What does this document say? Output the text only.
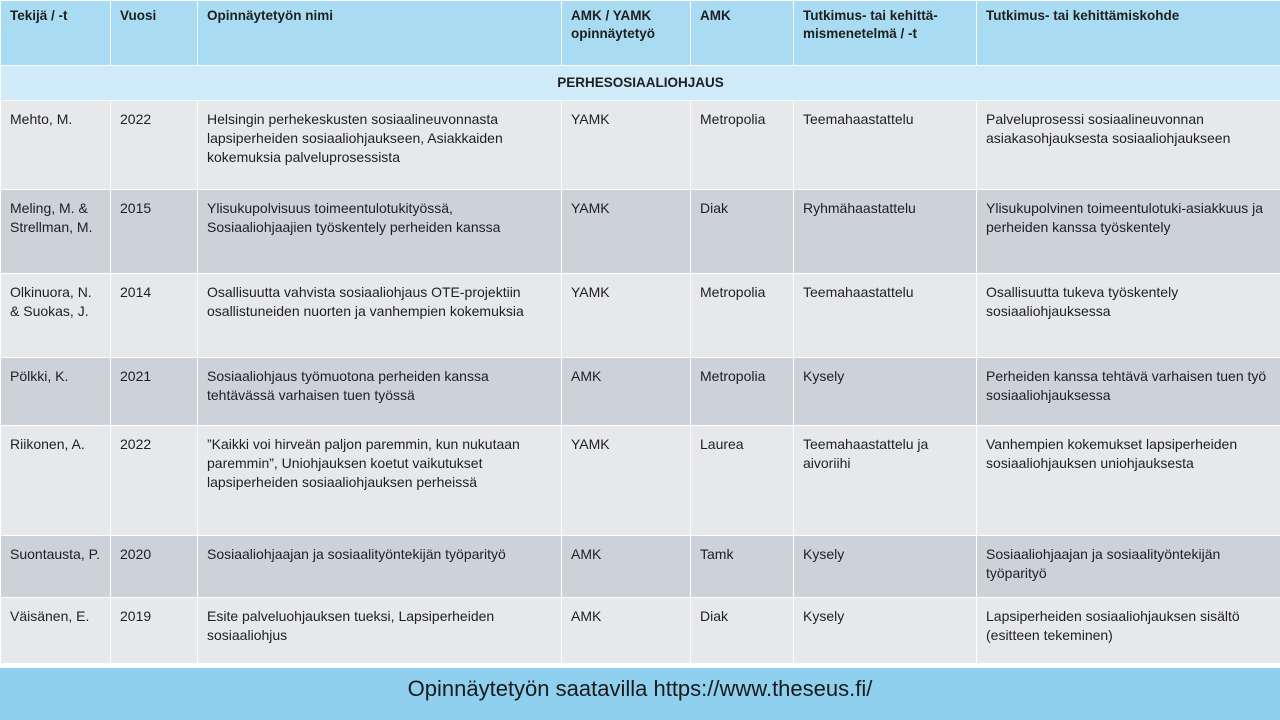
Tekijä / -t	Vuosi	Opinnäytetyön nimi	AMK / YAMK opinnäytetyö	AMK	Tutkimus- tai kehittä-mismenetelmä / -t	Tutkimus- tai kehittämiskohde
PERHESOSIAALIOHJAUS						
Mehto, M.	2022	Helsingin perhekeskusten sosiaalineuvonnasta lapsiperheiden sosiaaliohjaukseen, Asiakkaiden kokemuksia palveluprosessista	YAMK	Metropolia	Teemahaastattelu	Palveluprosessi sosiaalineuvonnan asiakasohjauksesta sosiaaliohjaukseen
Meling, M. & Strellman, M.	2015	Ylisukupolvisuus toimeentulotukityössä, Sosiaaliohjaajien työskentely perheiden kanssa	YAMK	Diak	Ryhmähaastattelu	Ylisukupolvinen toimeentulotuki-asiakkuus ja perheiden kanssa työskentely
Olkinuora, N. & Suokas, J.	2014	Osallisuutta vahvista sosiaaliohjaus OTE-projektiin osallistuneiden nuorten ja vanhempien kokemuksia	YAMK	Metropolia	Teemahaastattelu	Osallisuutta tukeva työskentely sosiaaliohjauksessa
Pölkki, K.	2021	Sosiaaliohjaus työmuotona perheiden kanssa tehtävässä varhaisen tuen työssä	AMK	Metropolia	Kysely	Perheiden kanssa tehtävä varhaisen tuen työ sosiaaliohjauksessa
Riikonen, A.	2022	”Kaikki voi hirveän paljon paremmin, kun nukutaan paremmin”, Uniohjauksen koetut vaikutukset lapsiperheiden sosiaaliohjauksen perheissä	YAMK	Laurea	Teemahaastattelu ja aivoriihi	Vanhempien kokemukset lapsiperheiden sosiaaliohjauksen uniohjauksesta
Suontausta, P.	2020	Sosiaaliohjaajan ja sosiaalityöntekijän työparityö	AMK	Tamk	Kysely	Sosiaaliohjaajan ja sosiaalityöntekijän työparityö
Väisänen, E.	2019	Esite palveluohjauksen tueksi, Lapsiperheiden sosiaaliohjus	AMK	Diak	Kysely	Lapsiperheiden sosiaaliohjauksen sisältö (esitteen tekeminen)
Opinnäytetyön saatavilla https://www.theseus.fi/
